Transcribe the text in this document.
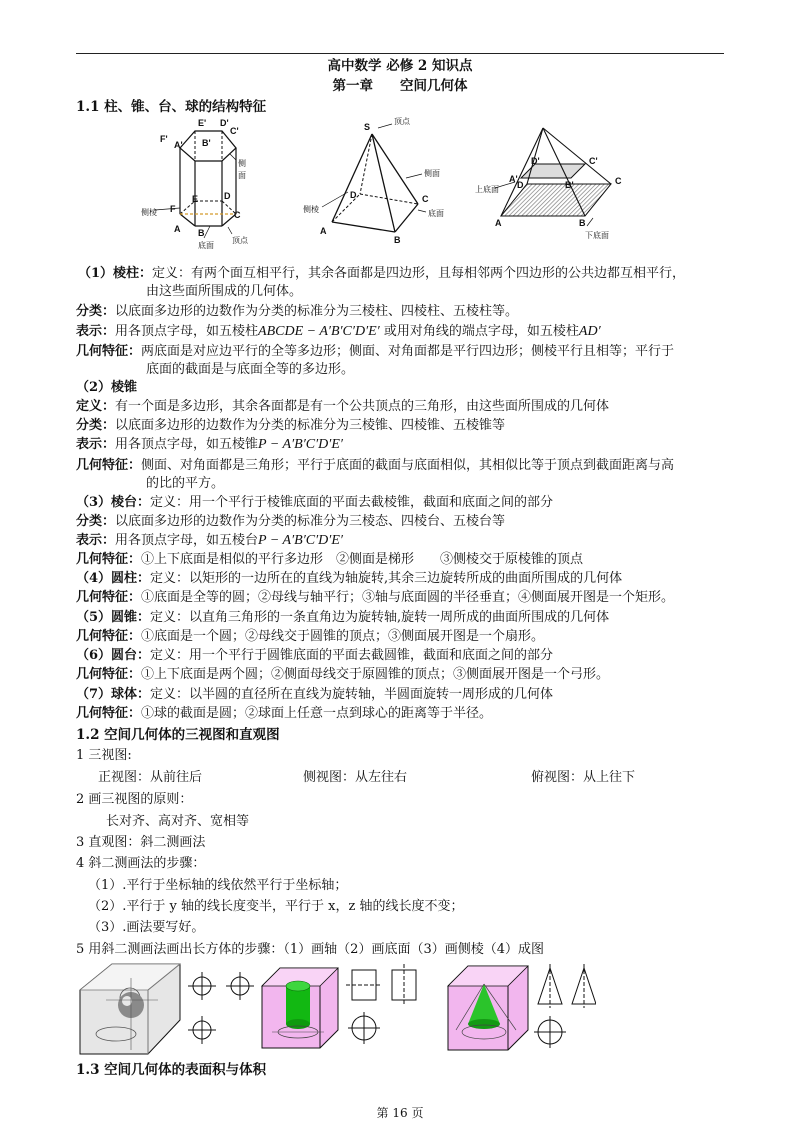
高中数学 必修 2 知识点
第一章　　空间几何体
1.1 柱、锥、台、球的结构特征
E' D'
F'
A' B'
C'
侧
面
E	D
F
A B
C
侧棱
底面
顶点
S
顶点
侧面
侧棱
D	C
底面
A
B
D'	C'
A'
B'
上底面 D	C
A	B
下底面
（1）棱柱：定义：有两个面互相平行，其余各面都是四边形，且每相邻两个四边形的公共边都互相平行，
由这些面所围成的几何体。
分类：以底面多边形的边数作为分类的标准分为三棱柱、四棱柱、五棱柱等。
表示：用各顶点字母，如五棱柱ABCDE − A′B′C′D′E′ 或用对角线的端点字母，如五棱柱AD′
几何特征：两底面是对应边平行的全等多边形；侧面、对角面都是平行四边形；侧棱平行且相等；平行于
底面的截面是与底面全等的多边形。
（2）棱锥
定义：有一个面是多边形，其余各面都是有一个公共顶点的三角形，由这些面所围成的几何体
分类：以底面多边形的边数作为分类的标准分为三棱锥、四棱锥、五棱锥等
表示：用各顶点字母，如五棱锥P − A′B′C′D′E′
几何特征：侧面、对角面都是三角形；平行于底面的截面与底面相似，其相似比等于顶点到截面距离与高
的比的平方。
（3）棱台：定义：用一个平行于棱锥底面的平面去截棱锥，截面和底面之间的部分
分类：以底面多边形的边数作为分类的标准分为三棱态、四棱台、五棱台等
表示：用各顶点字母，如五棱台P − A′B′C′D′E′
几何特征：①上下底面是相似的平行多边形　②侧面是梯形　　③侧棱交于原棱锥的顶点
（4）圆柱：定义：以矩形的一边所在的直线为轴旋转,其余三边旋转所成的曲面所围成的几何体
几何特征：①底面是全等的圆；②母线与轴平行；③轴与底面圆的半径垂直；④侧面展开图是一个矩形。
（5）圆锥：定义：以直角三角形的一条直角边为旋转轴,旋转一周所成的曲面所围成的几何体
几何特征：①底面是一个圆；②母线交于圆锥的顶点；③侧面展开图是一个扇形。
（6）圆台：定义：用一个平行于圆锥底面的平面去截圆锥，截面和底面之间的部分
几何特征：①上下底面是两个圆；②侧面母线交于原圆锥的顶点；③侧面展开图是一个弓形。
（7）球体：定义：以半圆的直径所在直线为旋转轴，半圆面旋转一周形成的几何体
几何特征：①球的截面是圆；②球面上任意一点到球心的距离等于半径。
1.2 空间几何体的三视图和直观图
1 三视图:
正视图：从前往后	侧视图：从左往右	俯视图：从上往下
2 画三视图的原则：
长对齐、高对齐、宽相等
3 直观图：斜二测画法
4 斜二测画法的步骤：
（1）.平行于坐标轴的线依然平行于坐标轴；
（2）.平行于 y 轴的线长度变半，平行于 x，z 轴的线长度不变；
（3）.画法要写好。
5 用斜二测画法画出长方体的步骤：（1）画轴（2）画底面（3）画侧棱（4）成图
1.3 空间几何体的表面积与体积
第 16 页
